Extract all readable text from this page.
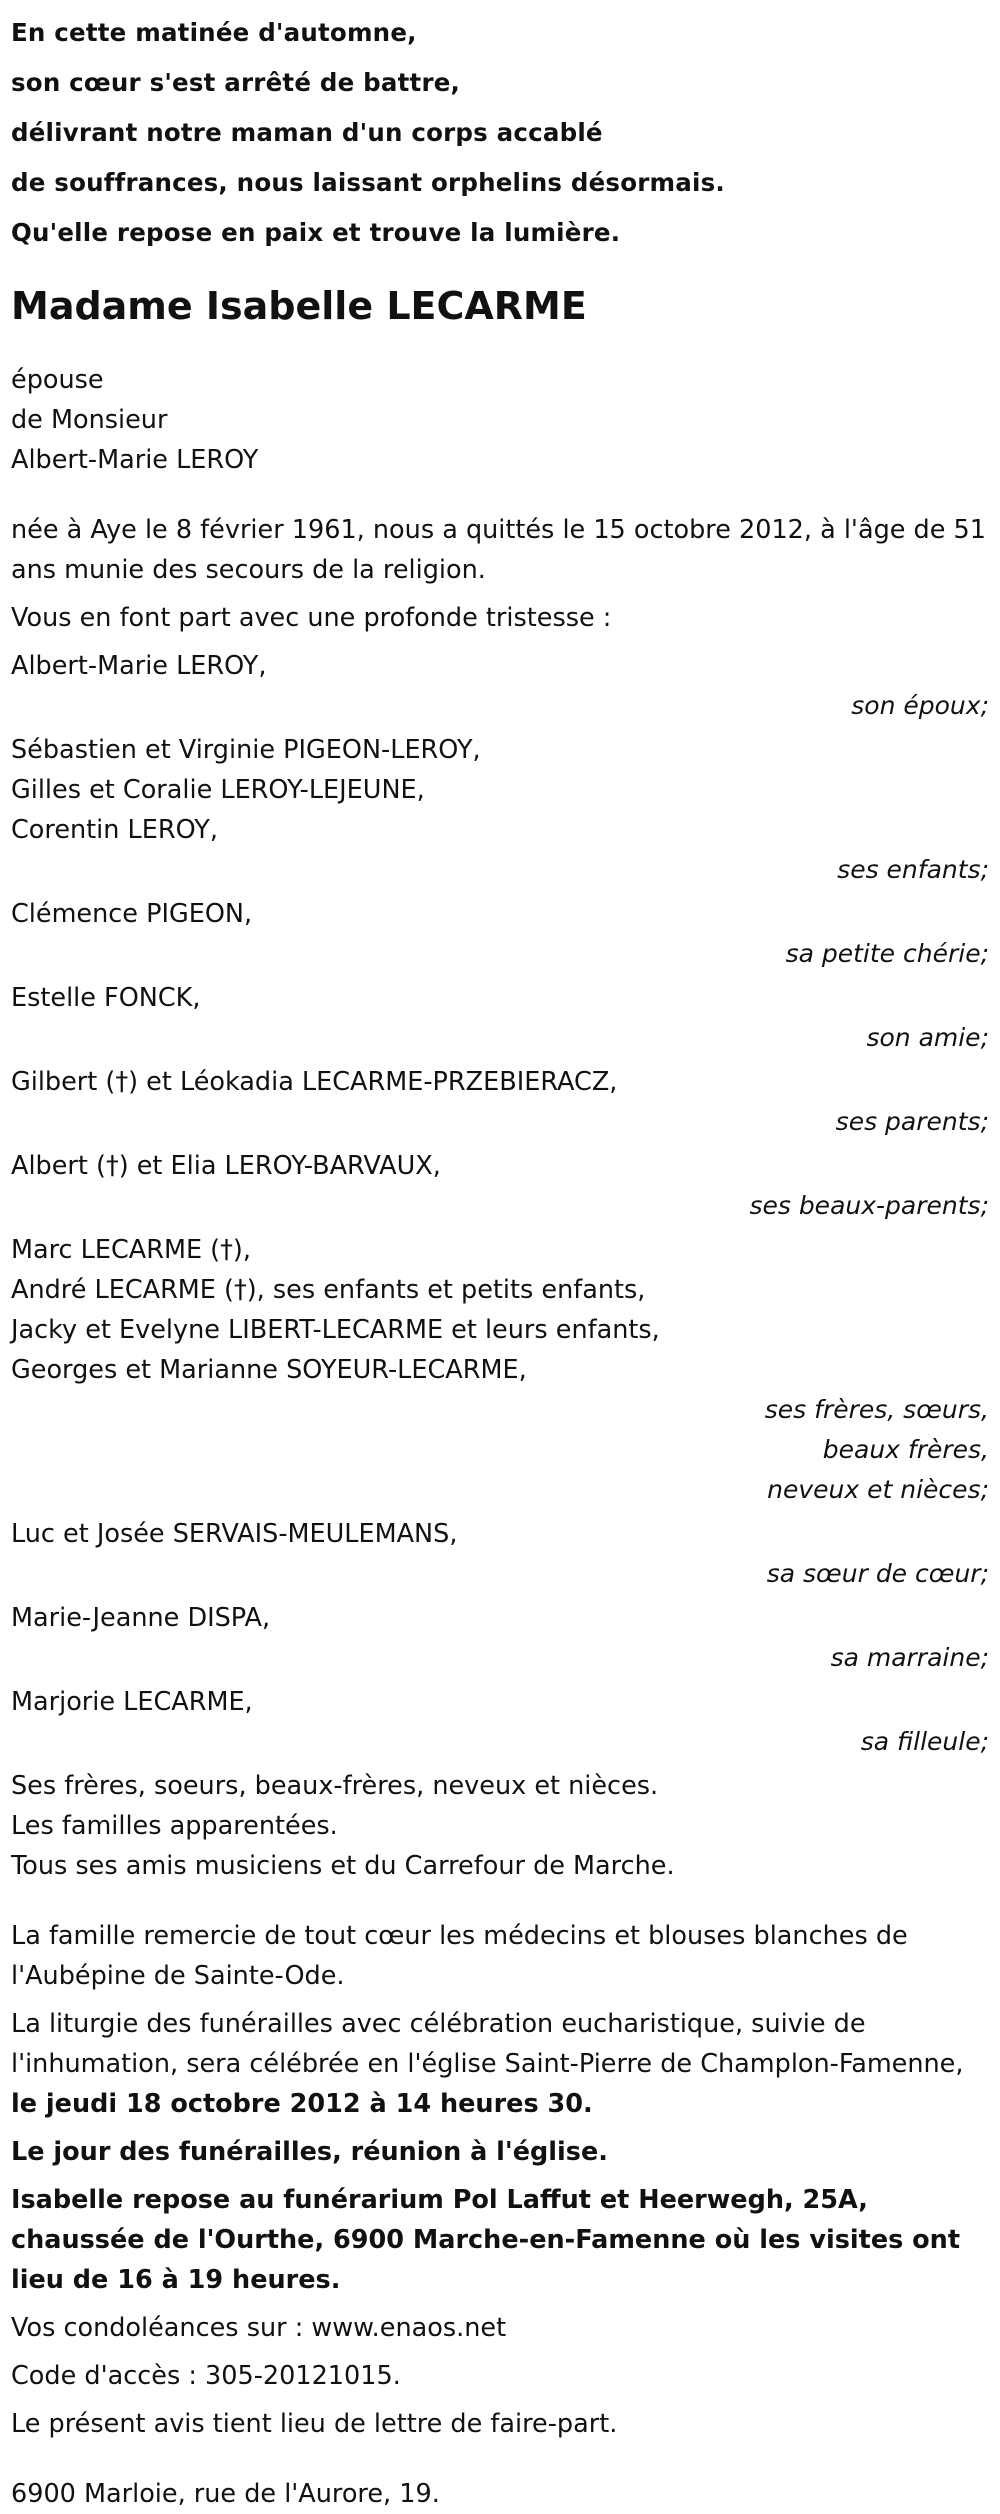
En cette matinée d'automne,
son cœur s'est arrêté de battre,
délivrant notre maman d'un corps accablé
de souffrances, nous laissant orphelins désormais.
Qu'elle repose en paix et trouve la lumière.
Madame Isabelle LECARME

épouse

de Monsieur

Albert-Marie LEROY

née à Aye le 8 février 1961, nous a quittés le 15 octobre 2012, à l'âge de 51 ans munie des secours de la religion.

Vous en font part avec une profonde tristesse :

Albert-Marie LEROY,

son époux;

Sébastien et Virginie PIGEON-LEROY,

Gilles et Coralie LEROY-LEJEUNE,

Corentin LEROY,

ses enfants;

Clémence PIGEON,

sa petite chérie;

Estelle FONCK,

son amie;

Gilbert (†) et Léokadia LECARME-PRZEBIERACZ,

ses parents;

Albert (†) et Elia LEROY-BARVAUX,

ses beaux-parents;

Marc LECARME (†),

André LECARME (†), ses enfants et petits enfants,

Jacky et Evelyne LIBERT-LECARME et leurs enfants,

Georges et Marianne SOYEUR-LECARME,

ses frères, sœurs,

beaux frères,

neveux et nièces;

Luc et Josée SERVAIS-MEULEMANS,

sa sœur de cœur;

Marie-Jeanne DISPA,

sa marraine;

Marjorie LECARME,

sa filleule;

Ses frères, soeurs, beaux-frères, neveux et nièces.

Les familles apparentées.

Tous ses amis musiciens et du Carrefour de Marche.

La famille remercie de tout cœur les médecins et blouses blanches de l'Aubépine de Sainte-Ode.

La liturgie des funérailles avec célébration eucharistique, suivie de l'inhumation, sera célébrée en l'église Saint-Pierre de Champlon-Famenne, le jeudi 18 octobre 2012 à 14 heures 30.

Le jour des funérailles, réunion à l'église.

Isabelle repose au funérarium Pol Laffut et Heerwegh, 25A, chaussée de l'Ourthe, 6900 Marche-en-Famenne où les visites ont lieu de 16 à 19 heures.

Vos condoléances sur : www.enaos.net

Code d'accès : 305-20121015.

Le présent avis tient lieu de lettre de faire-part.

6900 Marloie, rue de l'Aurore, 19.
